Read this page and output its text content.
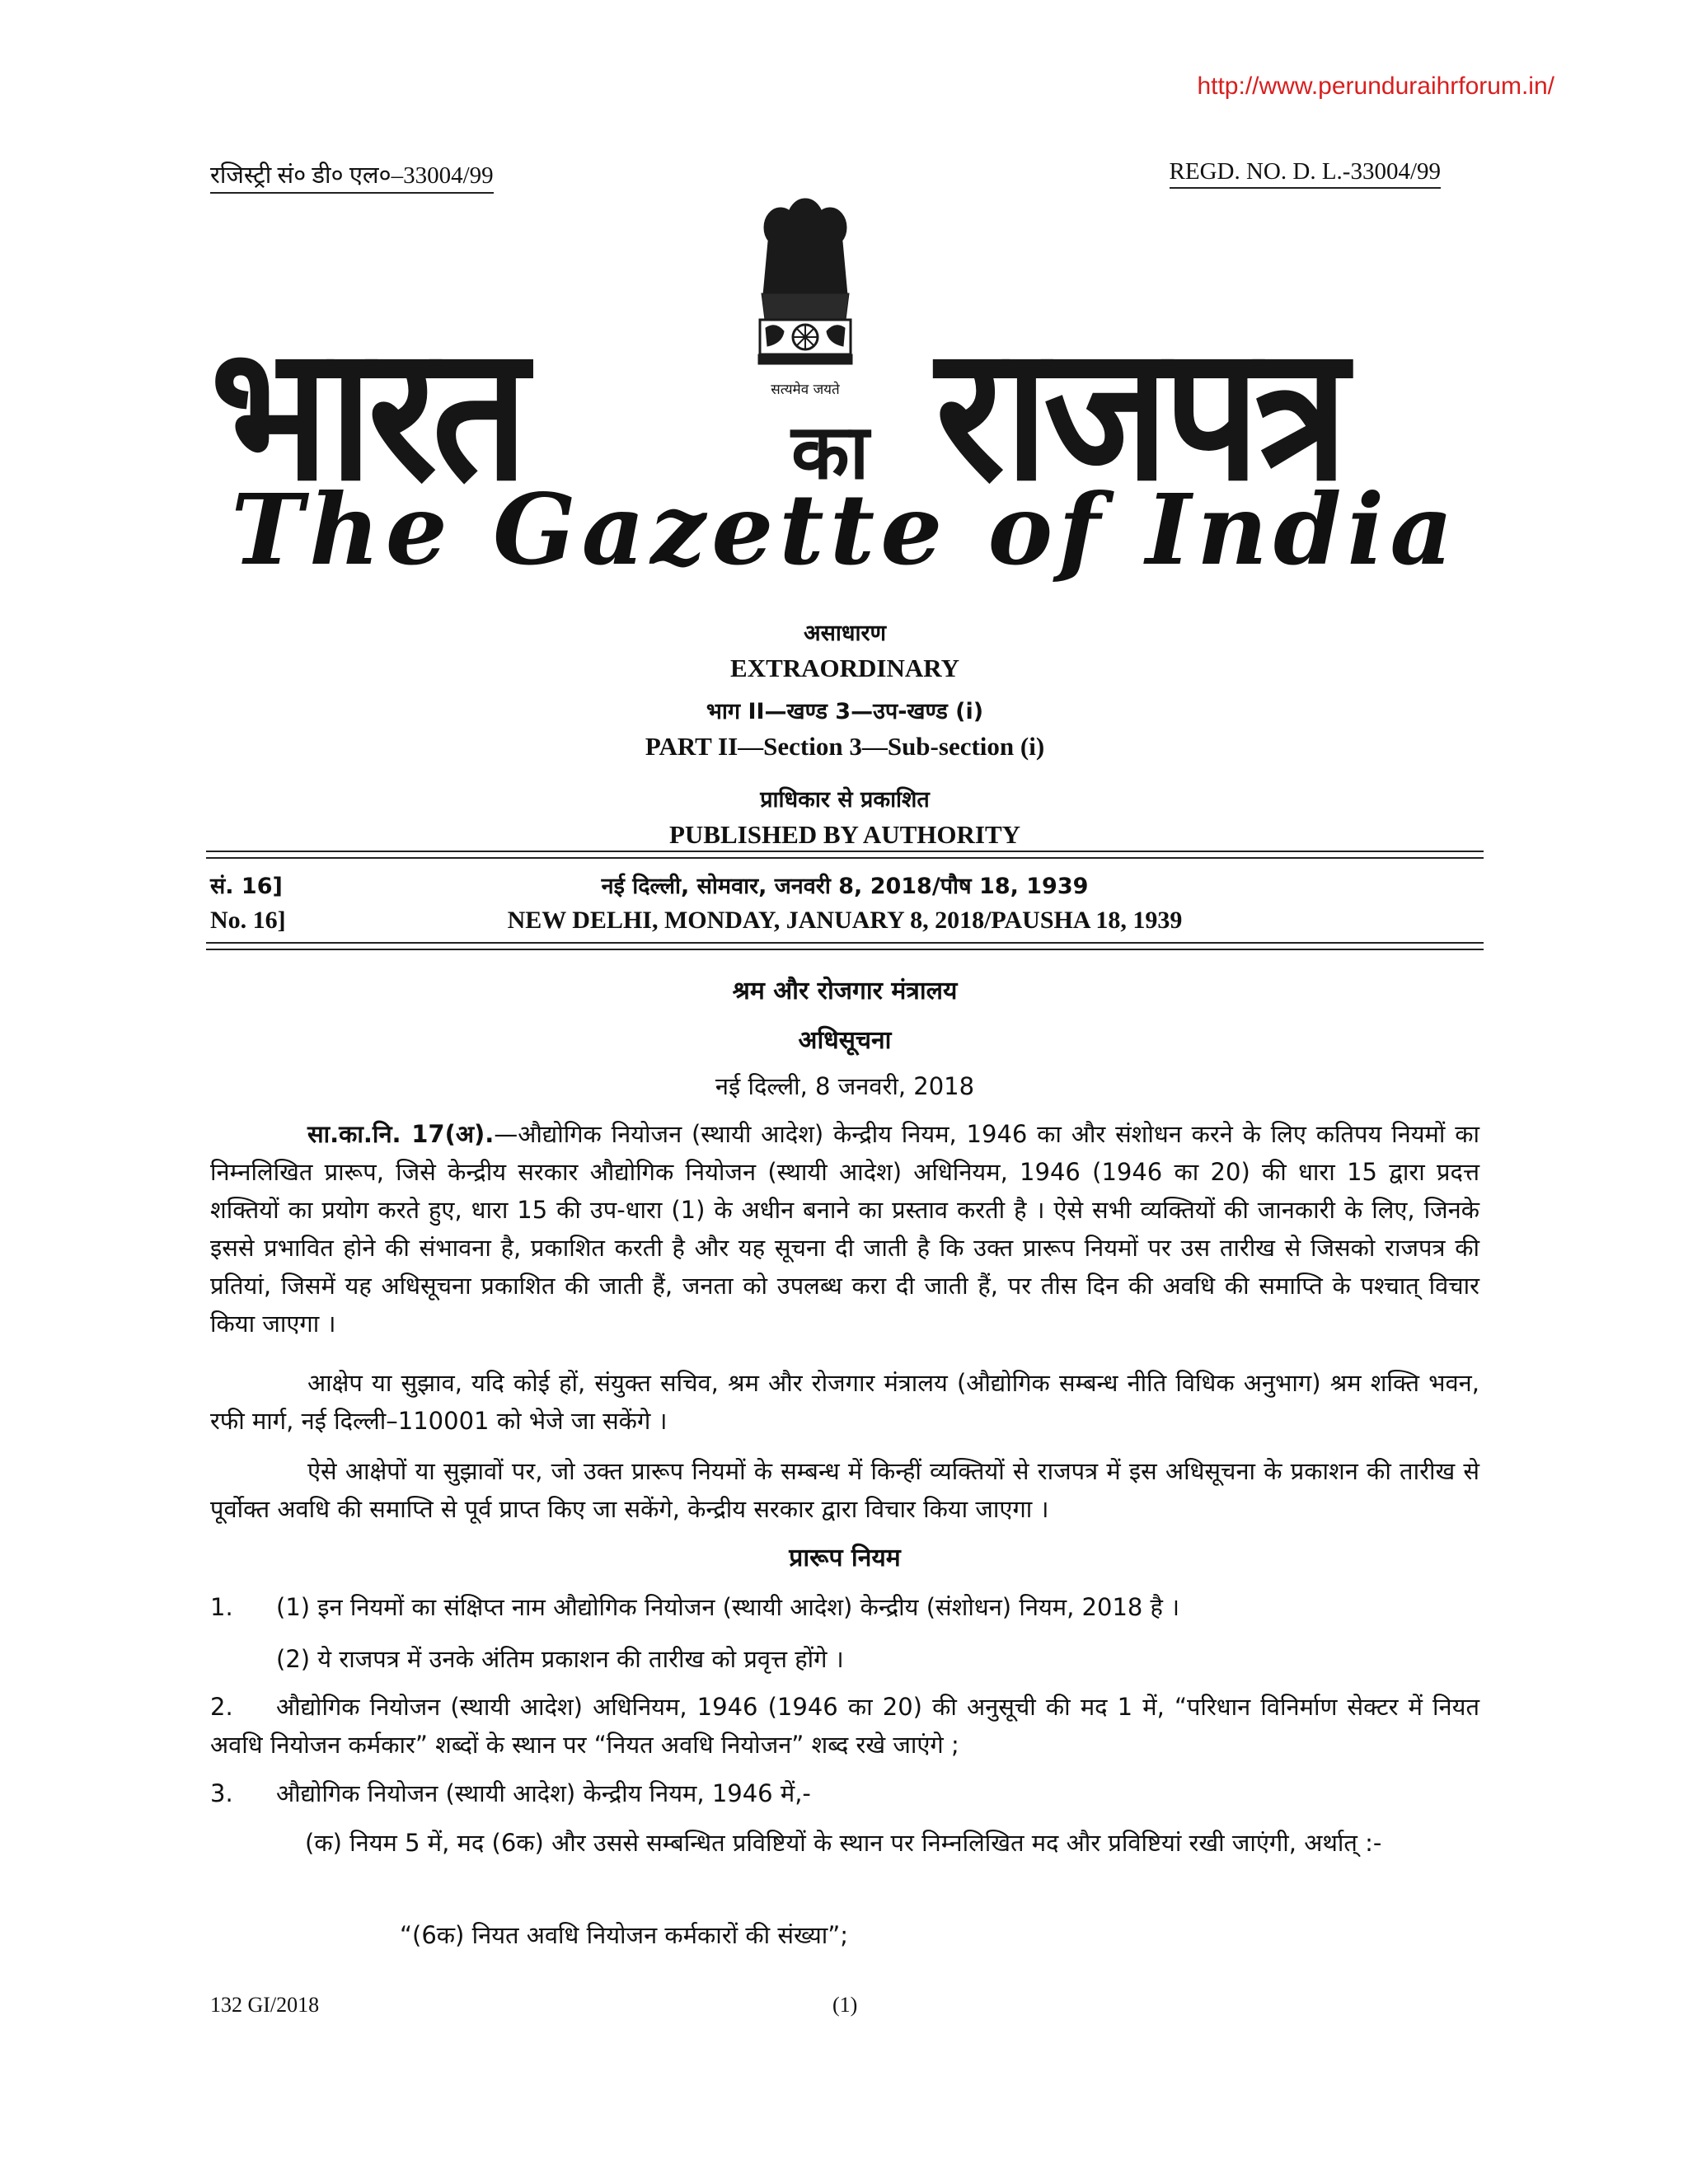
http://www.perunduraihrforum.in/
रजिस्ट्री सं० डी० एल०–33004/99	REGD. NO. D. L.-33004/99
सत्यमेव जयते
भारत	का राजपत्र
The Gazette of India
असाधारण
EXTRAORDINARY
भाग II—खण्ड 3—उप-खण्ड (i)
PART II—Section 3—Sub-section (i)
प्राधिकार से प्रकाशित
PUBLISHED BY AUTHORITY
सं. 16]	नई दिल्ली, सोमवार, जनवरी 8, 2018/पौष 18, 1939
No. 16]	NEW DELHI, MONDAY, JANUARY 8, 2018/PAUSHA 18, 1939
श्रम और रोजगार मंत्रालय
अधिसूचना
नई दिल्ली, 8 जनवरी, 2018
सा.का.नि. 17(अ).—औद्योगिक नियोजन (स्थायी आदेश) केन्द्रीय नियम, 1946 का और संशोधन करने के लिए कतिपय नियमों का निम्नलिखित प्रारूप, जिसे केन्द्रीय सरकार औद्योगिक नियोजन (स्थायी आदेश) अधिनियम, 1946 (1946 का 20) की धारा 15 द्वारा प्रदत्त शक्तियों का प्रयोग करते हुए, धारा 15 की उप-धारा (1) के अधीन बनाने का प्रस्ताव करती है । ऐसे सभी व्यक्तियों की जानकारी के लिए, जिनके इससे प्रभावित होने की संभावना है, प्रकाशित करती है और यह सूचना दी जाती है कि उक्त प्रारूप नियमों पर उस तारीख से जिसको राजपत्र की प्रतियां, जिसमें यह अधिसूचना प्रकाशित की जाती हैं, जनता को उपलब्ध करा दी जाती हैं, पर तीस दिन की अवधि की समाप्ति के पश्चात् विचार किया जाएगा ।
आक्षेप या सुझाव, यदि कोई हों, संयुक्त सचिव, श्रम और रोजगार मंत्रालय (औद्योगिक सम्बन्ध नीति विधिक अनुभाग) श्रम शक्ति भवन, रफी मार्ग, नई दिल्ली–110001 को भेजे जा सकेंगे ।
ऐसे आक्षेपों या सुझावों पर, जो उक्त प्रारूप नियमों के सम्बन्ध में किन्हीं व्यक्तियों से राजपत्र में इस अधिसूचना के प्रकाशन की तारीख से पूर्वोक्त अवधि की समाप्ति से पूर्व प्राप्त किए जा सकेंगे, केन्द्रीय सरकार द्वारा विचार किया जाएगा ।
प्रारूप नियम
1. (1) इन नियमों का संक्षिप्त नाम औद्योगिक नियोजन (स्थायी आदेश) केन्द्रीय (संशोधन) नियम, 2018 है ।
(2) ये राजपत्र में उनके अंतिम प्रकाशन की तारीख को प्रवृत्त होंगे ।
2.	औद्योगिक नियोजन (स्थायी आदेश) अधिनियम, 1946 (1946 का 20) की अनुसूची की मद 1 में, “परिधान विनिर्माण सेक्टर में नियत अवधि नियोजन कर्मकार” शब्दों के स्थान पर “नियत अवधि नियोजन” शब्द रखे जाएंगे ;
3. औद्योगिक नियोजन (स्थायी आदेश) केन्द्रीय नियम, 1946 में,-
(क) नियम 5 में, मद (6क) और उससे सम्बन्धित प्रविष्टियों के स्थान पर निम्नलिखित मद और प्रविष्टियां रखी जाएंगी, अर्थात् :-
“(6क) नियत अवधि नियोजन कर्मकारों की संख्या”;
132 GI/2018	(1)
